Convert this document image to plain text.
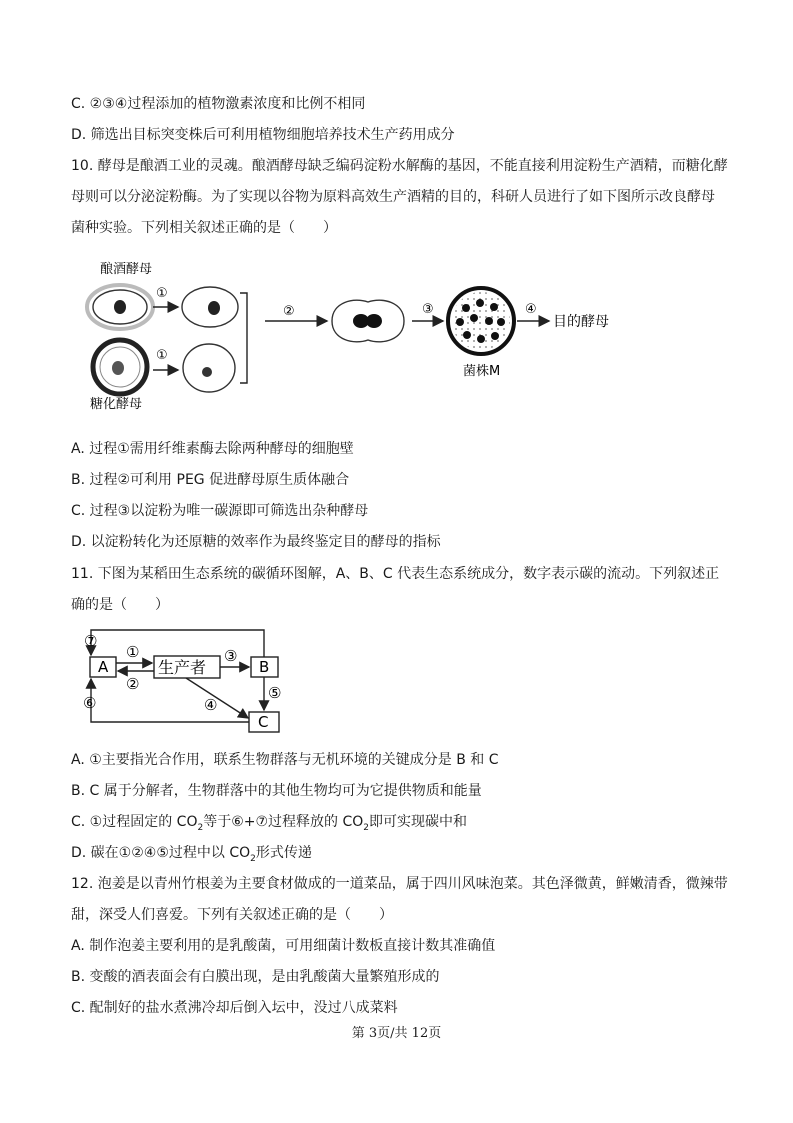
C. ②③④过程添加的植物激素浓度和比例不相同
D. 筛选出目标突变株后可利用植物细胞培养技术生产药用成分
10. 酵母是酿酒工业的灵魂。酿酒酵母缺乏编码淀粉水解酶的基因，不能直接利用淀粉生产酒精，而糖化酵
母则可以分泌淀粉酶。为了实现以谷物为原料高效生产酒精的目的，科研人员进行了如下图所示改良酵母
菌种实验。下列相关叙述正确的是（　　）
酿酒酵母
①
①
糖化酵母
②	③
菌株M
④
目的酵母
A. 过程①需用纤维素酶去除两种酵母的细胞壁
B. 过程②可利用 PEG 促进酵母原生质体融合
C. 过程③以淀粉为唯一碳源即可筛选出杂种酵母
D. 以淀粉转化为还原糖的效率作为最终鉴定目的酵母的指标
11. 下图为某稻田生态系统的碳循环图解，A、B、C 代表生态系统成分，数字表示碳的流动。下列叙述正
确的是（　　）
⑦
A	生产者	B
C
①
②
③
④
⑤
⑥
A. ①主要指光合作用，联系生物群落与无机环境的关键成分是 B 和 C
B. C 属于分解者，生物群落中的其他生物均可为它提供物质和能量
C. ①过程固定的 $CO_2$等于⑥+⑦过程释放的 $CO_2$即可实现碳中和
D. 碳在①②④⑤过程中以 $CO_2$形式传递
12. 泡姜是以青州竹根姜为主要食材做成的一道菜品，属于四川风味泡菜。其色泽微黄，鲜嫩清香，微辣带
甜，深受人们喜爱。下列有关叙述正确的是（　　）
A. 制作泡姜主要利用的是乳酸菌，可用细菌计数板直接计数其准确值
B. 变酸的酒表面会有白膜出现，是由乳酸菌大量繁殖形成的
C. 配制好的盐水煮沸冷却后倒入坛中，没过八成菜料
第 3页/共 12页
